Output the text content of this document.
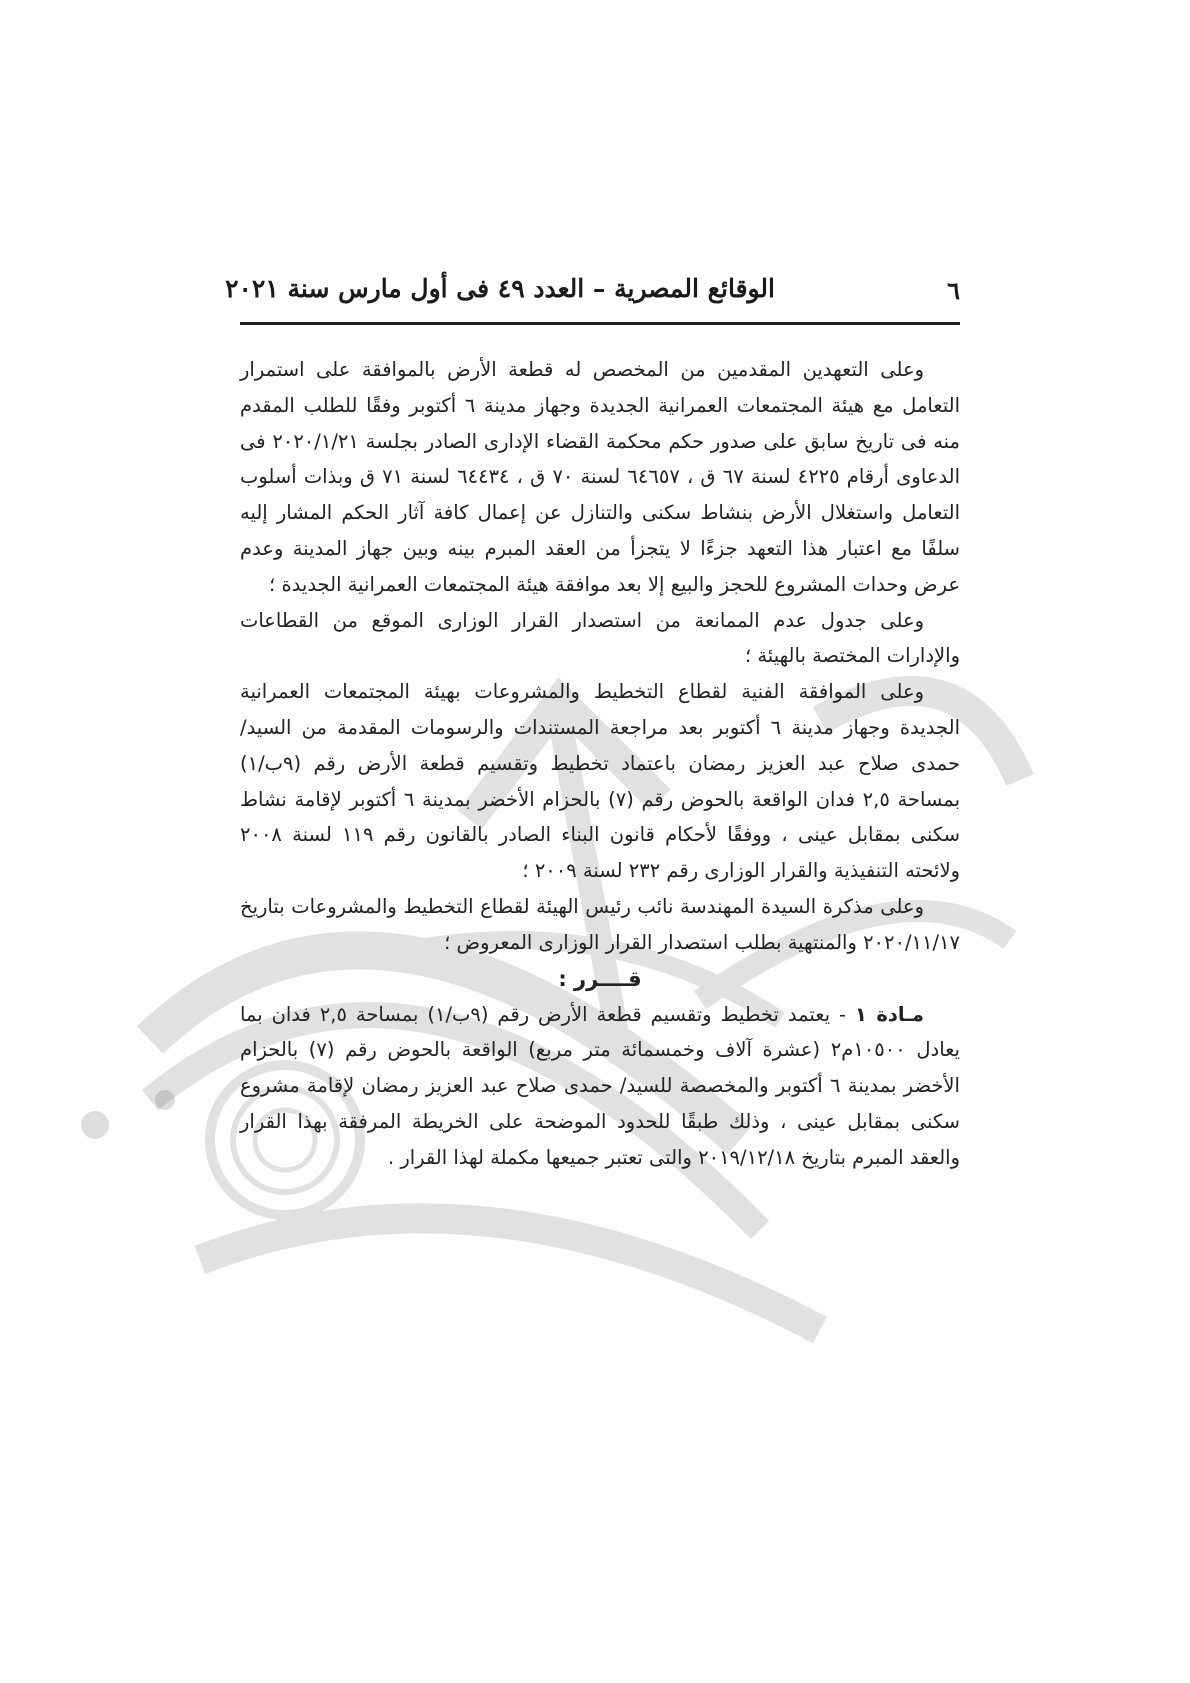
الوقائع المصرية – العدد ٤٩ فى أول مارس سنة ٢٠٢١	٦

وعلى التعهدين المقدمين من المخصص له قطعة الأرض بالموافقة على استمرار التعامل مع هيئة المجتمعات العمرانية الجديدة وجهاز مدينة ٦ أكتوبر وفقًا للطلب المقدم منه فى تاريخ سابق على صدور حكم محكمة القضاء الإدارى الصادر بجلسة ٢٠٢٠/١/٢١ فى الدعاوى أرقام ٤٢٢٥ لسنة ٦٧ ق ، ٦٤٦٥٧ لسنة ٧٠ ق ، ٦٤٤٣٤ لسنة ٧١ ق وبذات أسلوب التعامل واستغلال الأرض بنشاط سكنى والتنازل عن إعمال كافة آثار الحكم المشار إليه سلفًا مع اعتبار هذا التعهد جزءًا لا يتجزأ من العقد المبرم بينه وبين جهاز المدينة وعدم عرض وحدات المشروع للحجز والبيع إلا بعد موافقة هيئة المجتمعات العمرانية الجديدة ؛

وعلى جدول عدم الممانعة من استصدار القرار الوزارى الموقع من القطاعات والإدارات المختصة بالهيئة ؛

وعلى الموافقة الفنية لقطاع التخطيط والمشروعات بهيئة المجتمعات العمرانية الجديدة وجهاز مدينة ٦ أكتوبر بعد مراجعة المستندات والرسومات المقدمة من السيد/ حمدى صلاح عبد العزيز رمضان باعتماد تخطيط وتقسيم قطعة الأرض رقم (٩ب/١) بمساحة ٢,٥ فدان الواقعة بالحوض رقم (٧) بالحزام الأخضر بمدينة ٦ أكتوبر لإقامة نشاط سكنى بمقابل عينى ، ووفقًا لأحكام قانون البناء الصادر بالقانون رقم ١١٩ لسنة ٢٠٠٨ ولائحته التنفيذية والقرار الوزارى رقم ٢٣٢ لسنة ٢٠٠٩ ؛

وعلى مذكرة السيدة المهندسة نائب رئيس الهيئة لقطاع التخطيط والمشروعات بتاريخ ٢٠٢٠/١١/١٧ والمنتهية بطلب استصدار القرار الوزارى المعروض ؛

قــــرر :

مـادة ١ - يعتمد تخطيط وتقسيم قطعة الأرض رقم (٩ب/١) بمساحة ٢,٥ فدان بما يعادل ١٠٥٠٠م٢ (عشرة آلاف وخمسمائة متر مربع) الواقعة بالحوض رقم (٧) بالحزام الأخضر بمدينة ٦ أكتوبر والمخصصة للسيد/ حمدى صلاح عبد العزيز رمضان لإقامة مشروع سكنى بمقابل عينى ، وذلك طبقًا للحدود الموضحة على الخريطة المرفقة بهذا القرار والعقد المبرم بتاريخ ٢٠١٩/١٢/١٨ والتى تعتبر جميعها مكملة لهذا القرار .
